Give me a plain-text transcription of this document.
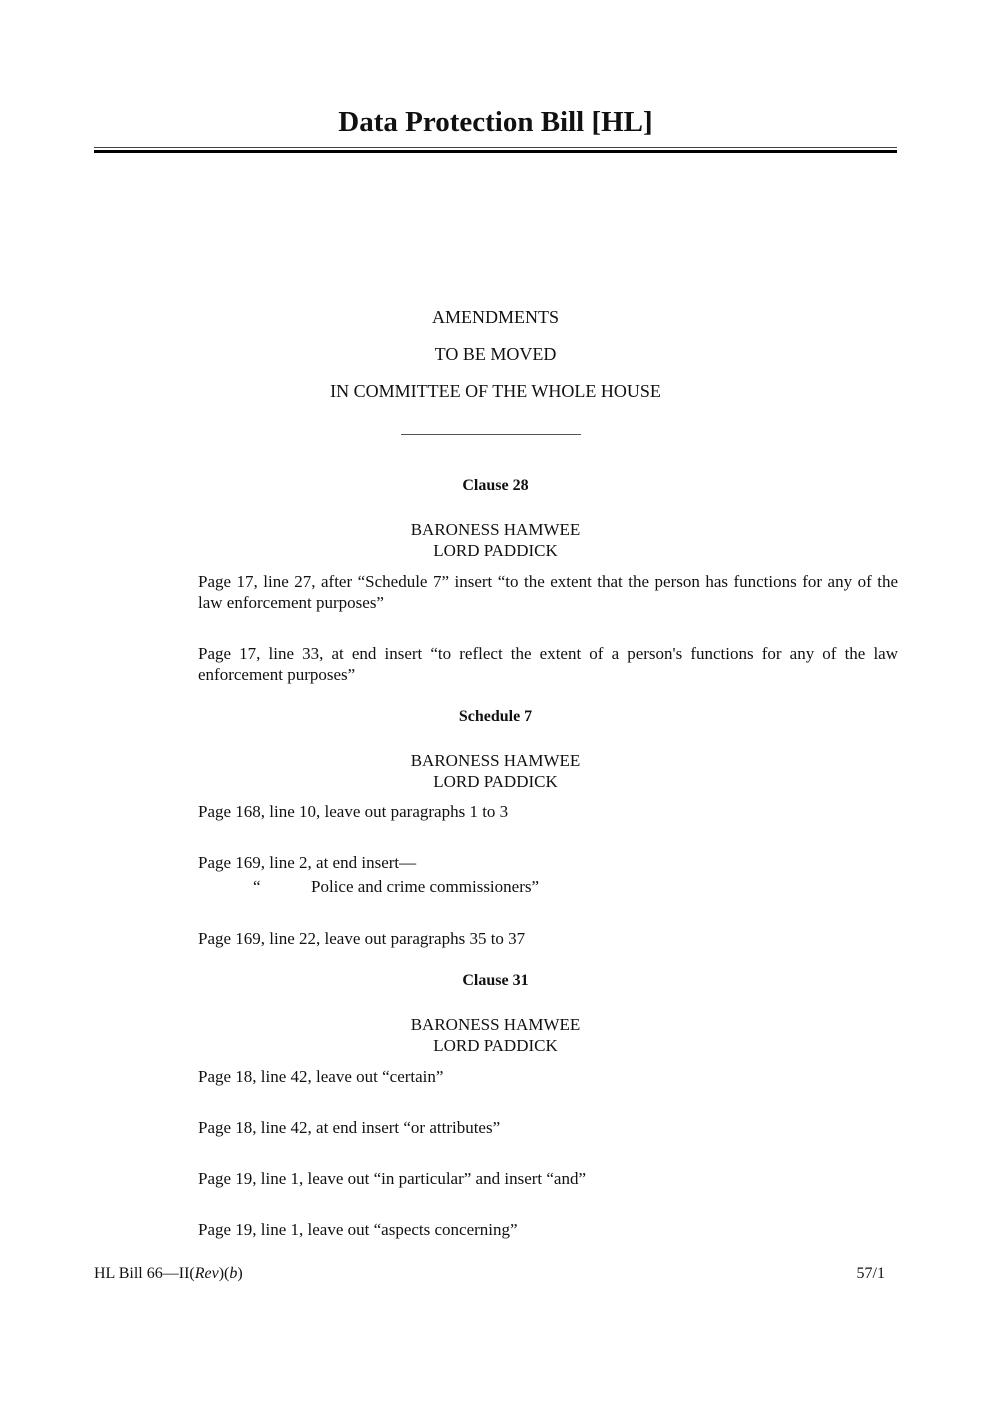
Data Protection Bill [HL]
AMENDMENTS
TO BE MOVED
IN COMMITTEE OF THE WHOLE HOUSE
Clause 28
BARONESS HAMWEE
LORD PADDICK
Page 17, line 27, after “Schedule 7” insert “to the extent that the person has functions for any of the law enforcement purposes”
Page 17, line 33, at end insert “to reflect the extent of a person's functions for any of the law enforcement purposes”
Schedule 7
BARONESS HAMWEE
LORD PADDICK
Page 168, line 10, leave out paragraphs 1 to 3
Page 169, line 2, at end insert—
“	Police and crime commissioners”
Page 169, line 22, leave out paragraphs 35 to 37
Clause 31
BARONESS HAMWEE
LORD PADDICK
Page 18, line 42, leave out “certain”
Page 18, line 42, at end insert “or attributes”
Page 19, line 1, leave out “in particular” and insert “and”
Page 19, line 1, leave out “aspects concerning”
HL Bill 66—II(Rev)(b)	57/1
